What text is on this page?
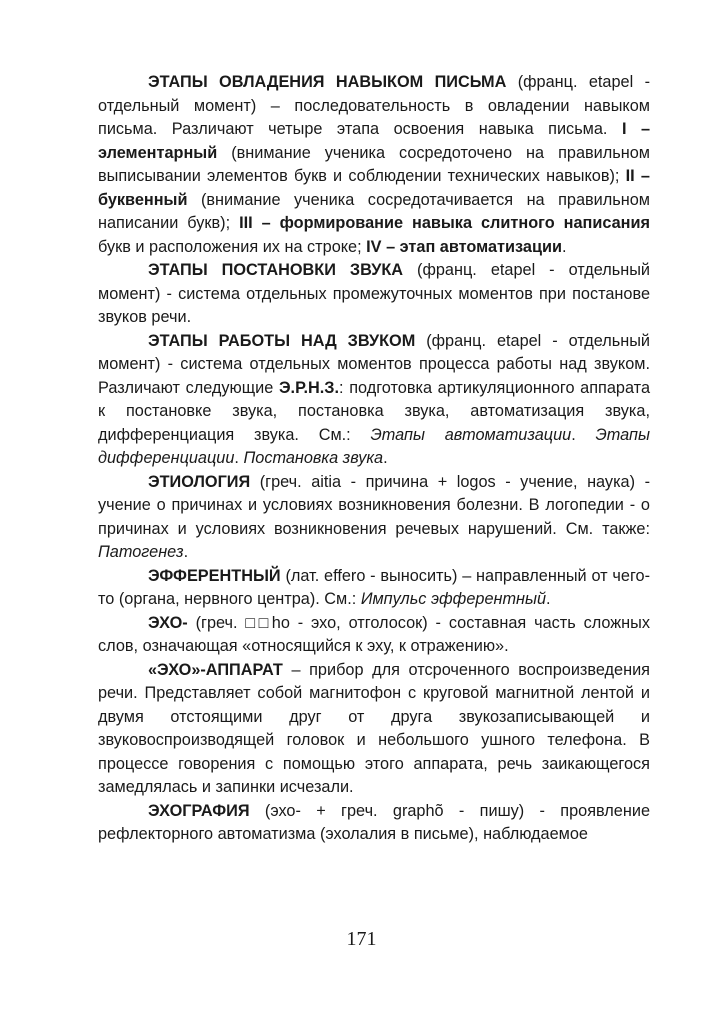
ЭТАПЫ ОВЛАДЕНИЯ НАВЫКОМ ПИСЬМА (франц. etapel - отдельный момент) – последовательность в овладении навыком письма. Различают четыре этапа освоения навыка письма. I – элементарный (внимание ученика сосредоточено на правильном выписывании элементов букв и соблюдении технических навыков); II – буквенный (внимание ученика сосредотачивается на правильном написании букв); III – формирование навыка слитного написания букв и расположения их на строке; IV – этап автоматизации.

ЭТАПЫ ПОСТАНОВКИ ЗВУКА (франц. etapel - отдельный момент) - система отдельных промежуточных моментов при постанове звуков речи.

ЭТАПЫ РАБОТЫ НАД ЗВУКОМ (франц. etapel - отдельный момент) - система отдельных моментов процесса работы над звуком. Различают следующие Э.Р.Н.З.: подготовка артикуляционного аппарата к постановке звука, постановка звука, автоматизация звука, дифференциация звука. См.: Этапы автоматизации. Этапы дифференциации. Постановка звука.

ЭТИОЛОГИЯ (греч. aitia - причина + logos - учение, наука) - учение о причинах и условиях возникновения болезни. В логопедии - о причинах и условиях возникновения речевых нарушений. См. также: Патогенез.

ЭФФЕРЕНТНЫЙ (лат. effero - выносить) – направленный от чего-то (органа, нервного центра). См.: Импульс эфферентный.

ЭХО- (греч. □□ho - эхо, отголосок) - составная часть сложных слов, означающая «относящийся к эху, к отражению».

«ЭХО»-АППАРАТ – прибор для отсроченного воспроизведения речи. Представляет собой магнитофон с круговой магнитной лентой и двумя отстоящими друг от друга звукозаписывающей и звуковоспроизводящей головок и небольшого ушного телефона. В процессе говорения с помощью этого аппарата, речь заикающегося замедлялась и запинки исчезали.

ЭХОГРАФИЯ (эхо- + греч. graphõ - пишу) - проявление рефлекторного автоматизма (эхолалия в письме), наблюдаемое

171
